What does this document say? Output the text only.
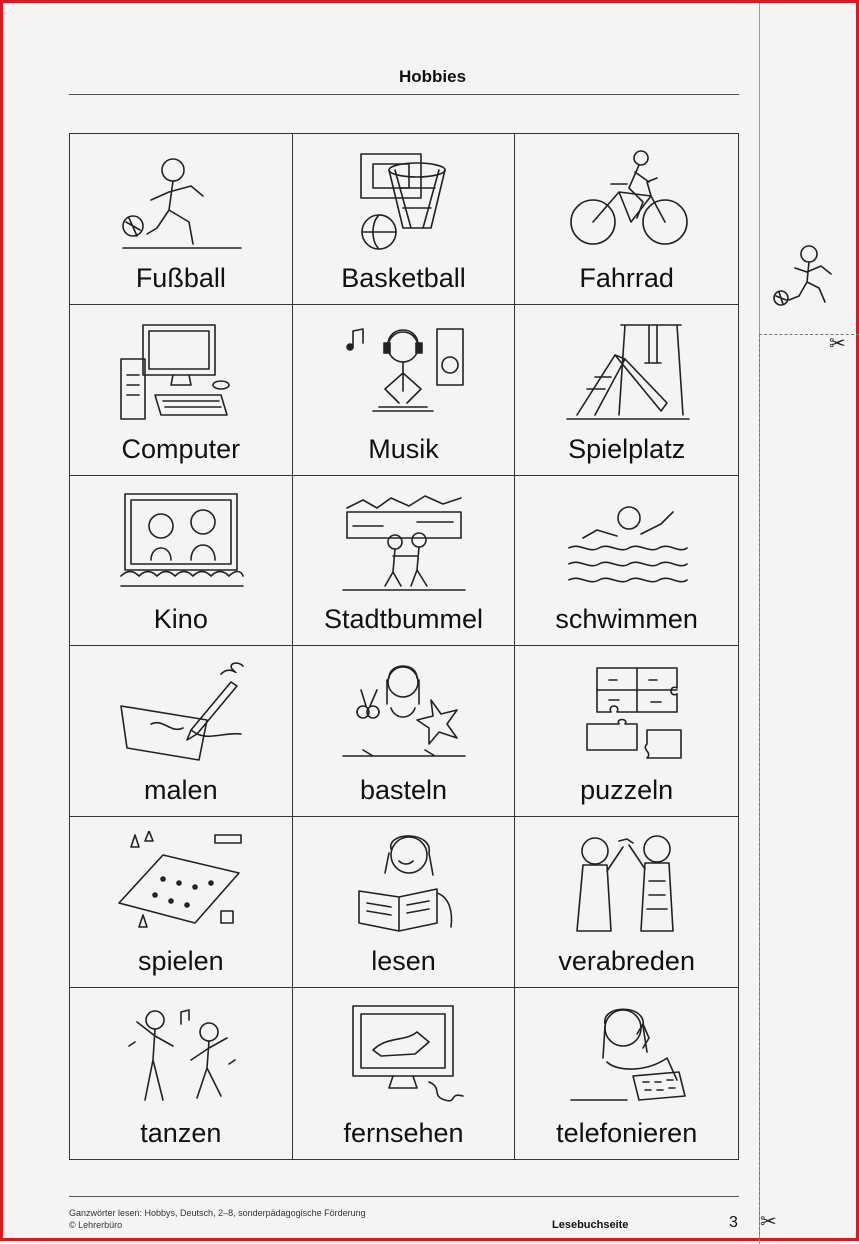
✂
✂
Hobbies
Fußball	Basketball	Fahrrad
Computer	Musik	Spielplatz
Kino	Stadtbummel	schwimmen
malen	basteln	puzzeln
spielen	lesen	verabreden
tanzen	fernsehen	telefonieren
Ganzwörter lesen: Hobbys, Deutsch, 2–8, sonderpädagogische Förderung
© Lehrerbüro	Lesebuchseite	3
